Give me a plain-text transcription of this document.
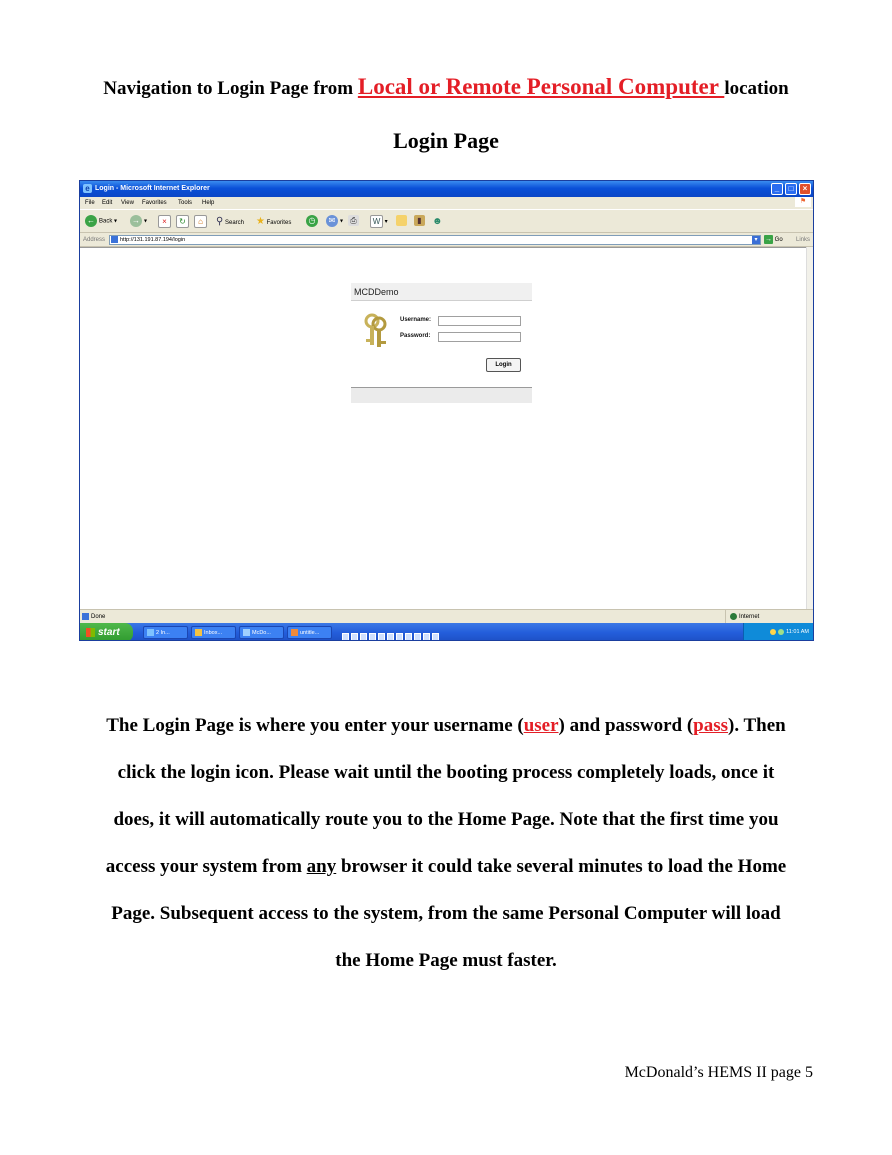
Navigation to Login Page from Local or Remote Personal Computer location
Login Page
e Login - Microsoft Internet Explorer	_	□	×
File Edit View Favorites Tools Help	⚑
← Back ▾ → ▾	×	↻	⌂	⚲ Search ★ Favorites	◷	✉ ▾ ⎙	W ▾	▮	☻
Address	http://131.191.87.194/login	▾	→ Go Links
MCDDemo
Username:
Password:
Login
Done	Internet
start	2 In...	Inbox...	McDo...	untitle...	11:01 AM
The Login Page is where you enter your username (user) and password (pass). Then
click the login icon. Please wait until the booting process completely loads, once it
does, it will automatically route you to the Home Page. Note that the first time you
access your system from any browser it could take several minutes to load the Home
Page. Subsequent access to the system, from the same Personal Computer will load
the Home Page must faster.
McDonald’s HEMS II page 5
